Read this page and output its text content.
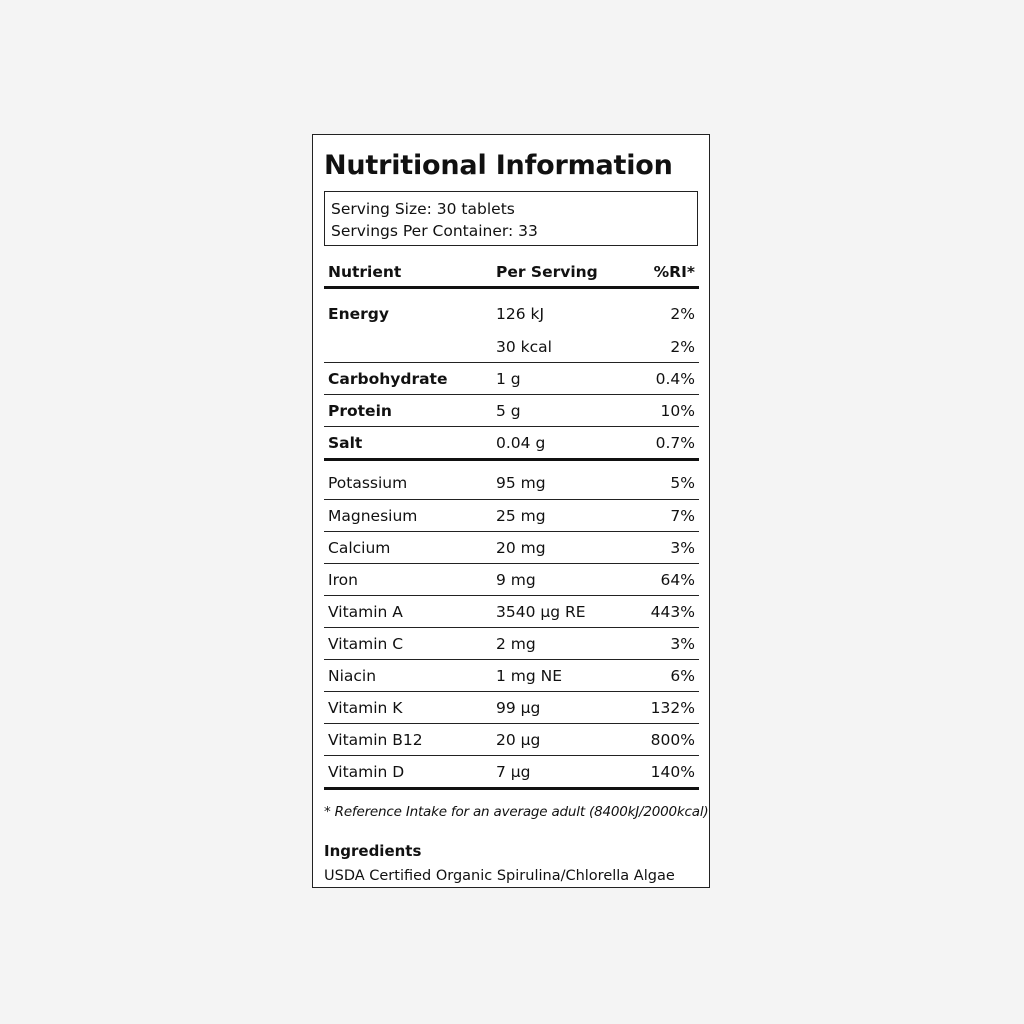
Nutritional Information
Serving Size: 30 tablets
Servings Per Container: 33
Nutrient	Per Serving	%RI*
Energy	126 kJ	2%
	30 kcal	2%
Carbohydrate	1 g	0.4%
Protein	5 g	10%
Salt	0.04 g	0.7%
Potassium	95 mg	5%
Magnesium	25 mg	7%
Calcium	20 mg	3%
Iron	9 mg	64%
Vitamin A	3540 µg RE	443%
Vitamin C	2 mg	3%
Niacin	1 mg NE	6%
Vitamin K	99 µg	132%
Vitamin B12	20 µg	800%
Vitamin D	7 µg	140%
* Reference Intake for an average adult (8400kJ/2000kcal)
Ingredients
USDA Certified Organic Spirulina/Chlorella Algae
